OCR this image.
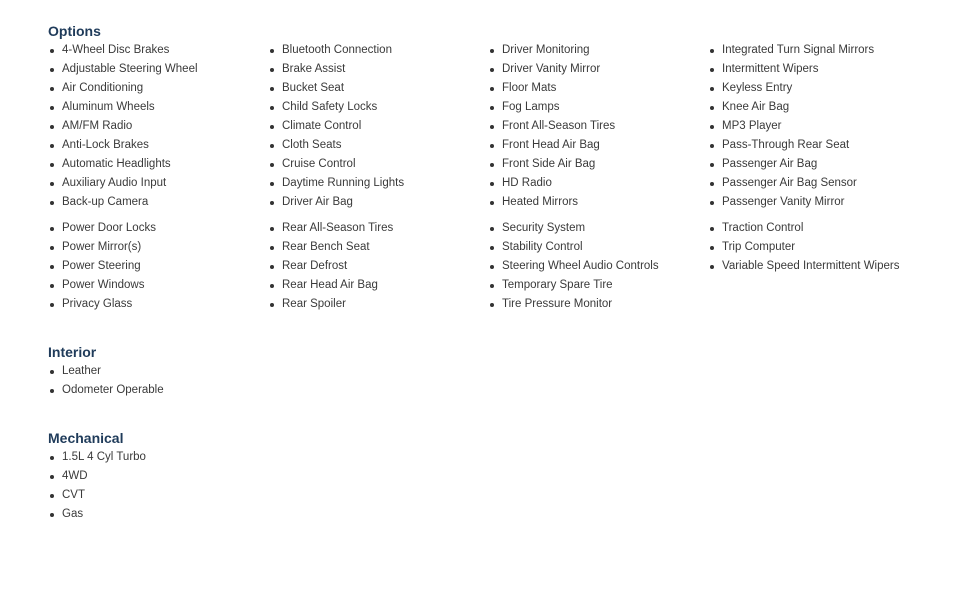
Options
4-Wheel Disc Brakes
Adjustable Steering Wheel
Air Conditioning
Aluminum Wheels
AM/FM Radio
Anti-Lock Brakes
Automatic Headlights
Auxiliary Audio Input
Back-up Camera
Bluetooth Connection
Brake Assist
Bucket Seat
Child Safety Locks
Climate Control
Cloth Seats
Cruise Control
Daytime Running Lights
Driver Air Bag
Driver Monitoring
Driver Vanity Mirror
Floor Mats
Fog Lamps
Front All-Season Tires
Front Head Air Bag
Front Side Air Bag
HD Radio
Heated Mirrors
Integrated Turn Signal Mirrors
Intermittent Wipers
Keyless Entry
Knee Air Bag
MP3 Player
Pass-Through Rear Seat
Passenger Air Bag
Passenger Air Bag Sensor
Passenger Vanity Mirror
Power Door Locks
Power Mirror(s)
Power Steering
Power Windows
Privacy Glass
Rear All-Season Tires
Rear Bench Seat
Rear Defrost
Rear Head Air Bag
Rear Spoiler
Security System
Stability Control
Steering Wheel Audio Controls
Temporary Spare Tire
Tire Pressure Monitor
Traction Control
Trip Computer
Variable Speed Intermittent Wipers
Interior
Leather
Odometer Operable
Mechanical
1.5L 4 Cyl Turbo
4WD
CVT
Gas
